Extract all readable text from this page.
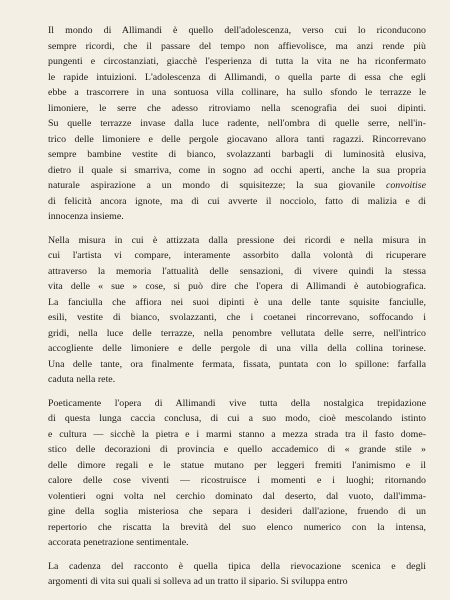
Il mondo di Allimandi è quello dell'adolescenza, verso cui lo riconducono
sempre ricordi, che il passare del tempo non affievolisce, ma anzi rende più
pungenti e circostanziati, giacchè l'esperienza di tutta la vita ne ha riconfermato
le rapide intuizioni. L'adolescenza di Allimandi, o quella parte di essa che egli
ebbe a trascorrere in una sontuosa villa collinare, ha sullo sfondo le terrazze le
limoniere, le serre che adesso ritroviamo nella scenografia dei suoi dipinti.
Su quelle terrazze invase dalla luce radente, nell'ombra di quelle serre, nell'in-
trico delle limoniere e delle pergole giocavano allora tanti ragazzi. Rincorrevano
sempre bambine vestite di bianco, svolazzanti barbagli di luminosità elusiva,
dietro il quale si smarriva, come in sogno ad occhi aperti, anche la sua propria
naturale aspirazione a un mondo di squisitezze; la sua giovanile convoitise
di felicità ancora ignote, ma di cui avverte il nocciolo, fatto di malizia e di
innocenza insieme.

Nella misura in cui è attizzata dalla pressione dei ricordi e nella misura in
cui l'artista vi compare, interamente assorbito dalla volontà di ricuperare
attraverso la memoria l'attualità delle sensazioni, di vivere quindi la stessa
vita delle « sue » cose, si può dire che l'opera di Allimandi è autobiografica.
La fanciulla che affiora nei suoi dipinti è una delle tante squisite fanciulle,
esili, vestite di bianco, svolazzanti, che i coetanei rincorrevano, soffocando i
gridi, nella luce delle terrazze, nella penombre vellutata delle serre, nell'intrico
accogliente delle limoniere e delle pergole di una villa della collina torinese.
Una delle tante, ora finalmente fermata, fissata, puntata con lo spillone: farfalla
caduta nella rete.

Poeticamente l'opera di Allimandi vive tutta della nostalgica trepidazione
di questa lunga caccia conclusa, di cui a suo modo, cioè mescolando istinto
e cultura — sicchè la pietra e i marmi stanno a mezza strada tra il fasto dome-
stico delle decorazioni di provincia e quello accademico di « grande stile »
delle dimore regali e le statue mutano per leggeri fremiti l'animismo e il
calore delle cose viventi — ricostruisce i momenti e i luoghi; ritornando
volentieri ogni volta nel cerchio dominato dal deserto, dal vuoto, dall'imma-
gine della soglia misteriosa che separa i desideri dall'azione, fruendo di un
repertorio che riscatta la brevità del suo elenco numerico con la intensa,
accorata penetrazione sentimentale.

La cadenza del racconto è quella tipica della rievocazione scenica e degli
argomenti di vita sui quali si solleva ad un tratto il sipario. Si sviluppa entro
